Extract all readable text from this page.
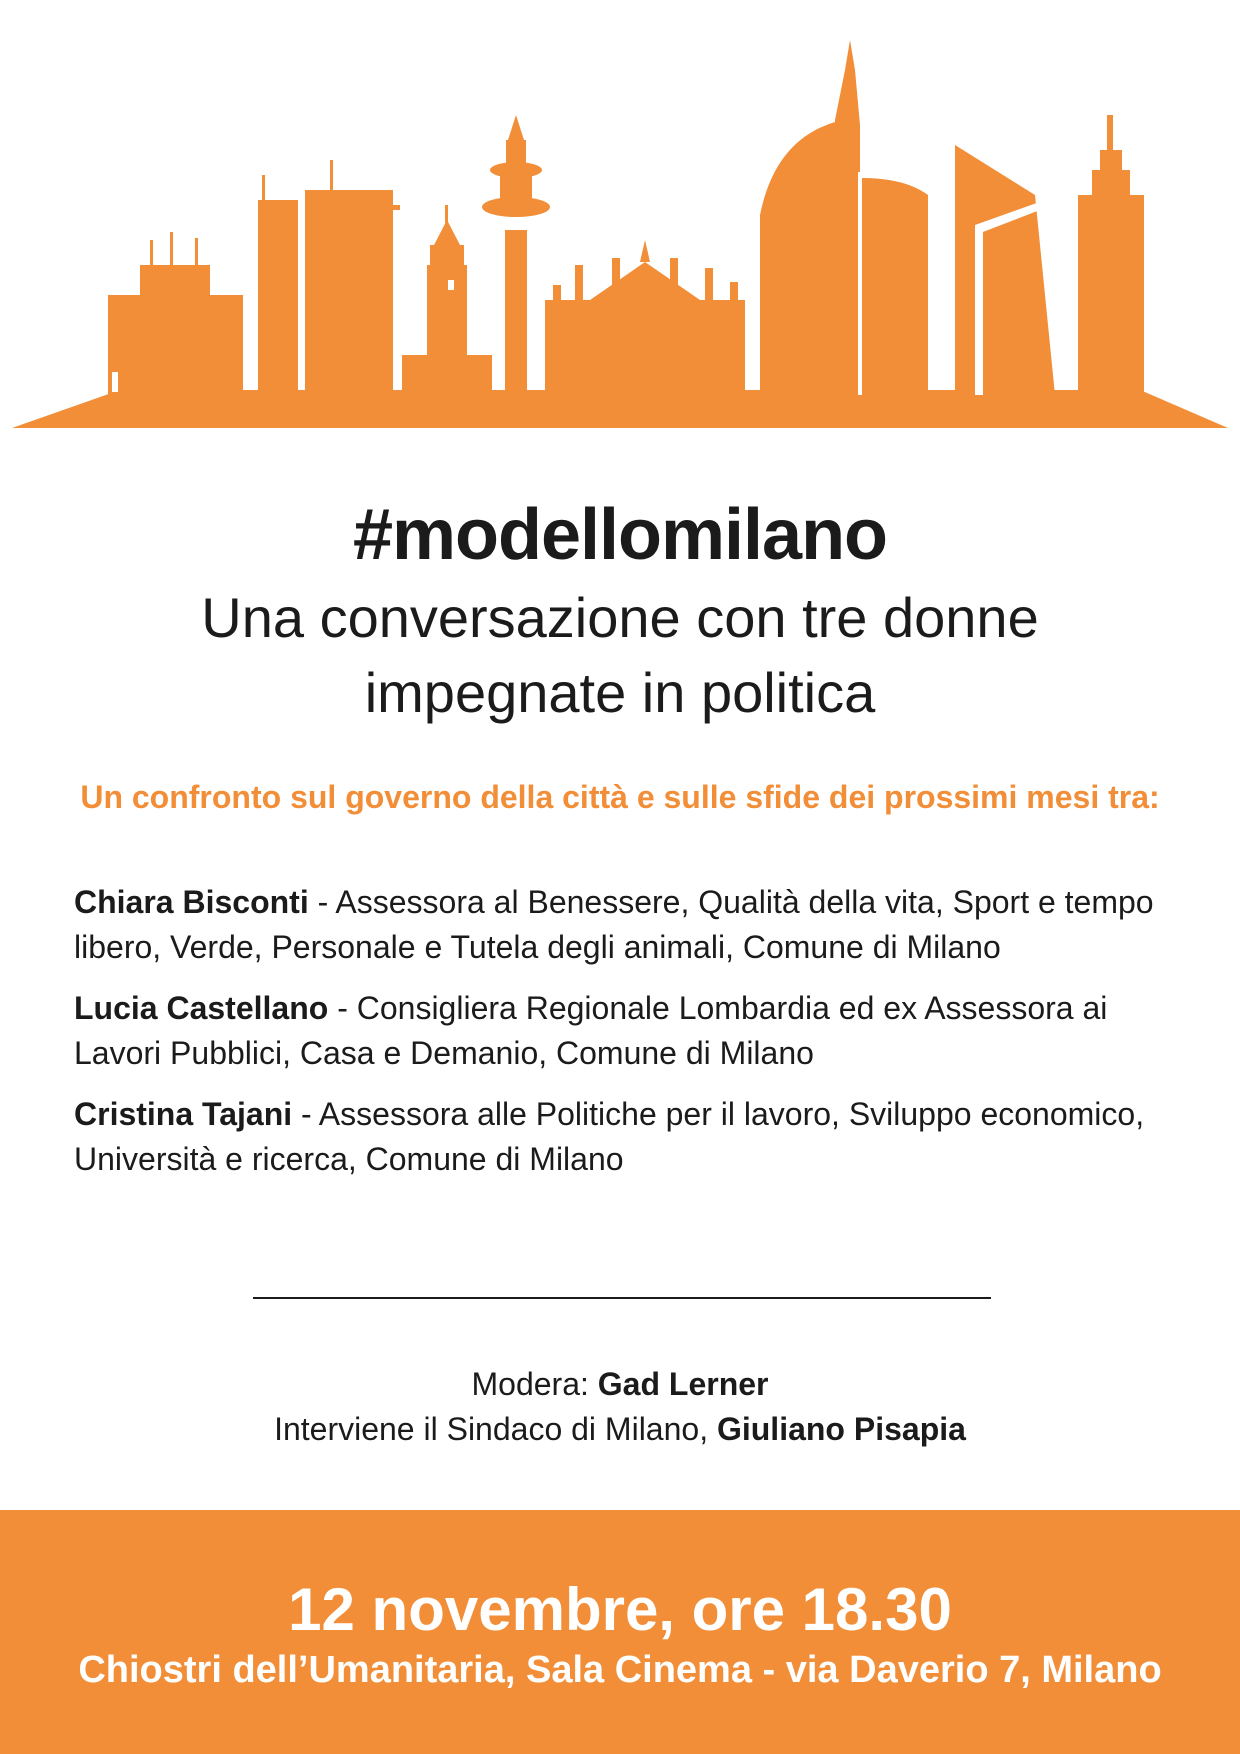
#modellomilano
Una conversazione con tre donne impegnate in politica
Un confronto sul governo della città e sulle sfide dei prossimi mesi tra:

Chiara Bisconti - Assessora al Benessere, Qualità della vita, Sport e tempo libero, Verde, Personale e Tutela degli animali, Comune di Milano

Lucia Castellano - Consigliera Regionale Lombardia ed ex Assessora ai Lavori Pubblici, Casa e Demanio, Comune di Milano

Cristina Tajani - Assessora alle Politiche per il lavoro, Sviluppo economico, Università e ricerca, Comune di Milano

Modera: Gad Lerner
Interviene il Sindaco di Milano, Giuliano Pisapia
12 novembre, ore 18.30
Chiostri dell’Umanitaria, Sala Cinema - via Daverio 7, Milano
